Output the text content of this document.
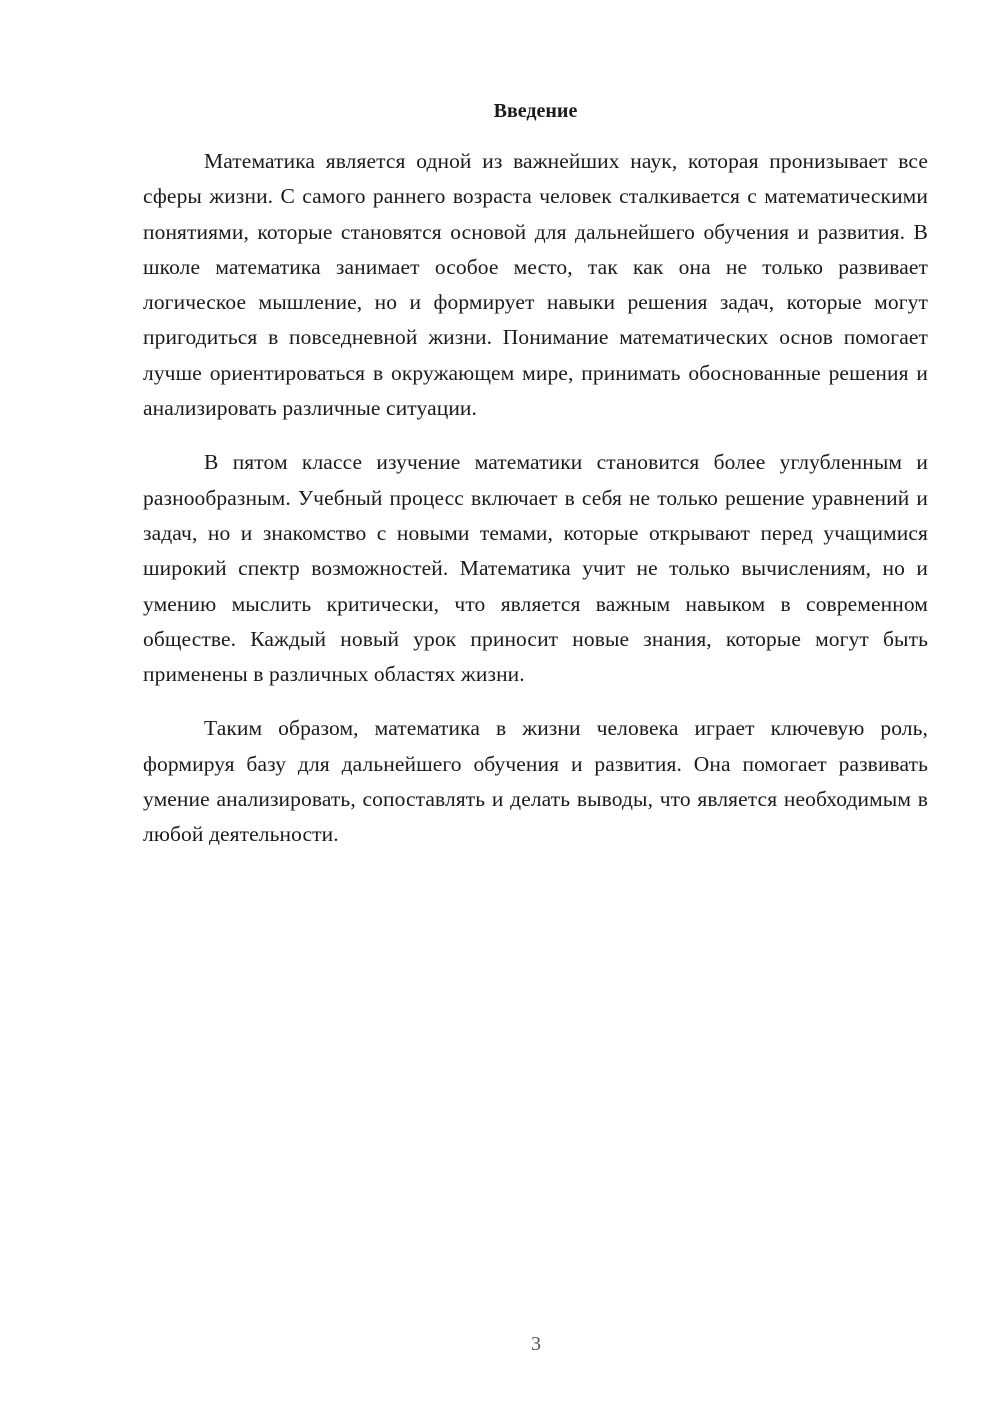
Введение

Математика является одной из важнейших наук, которая пронизывает все сферы жизни. С самого раннего возраста человек сталкивается с математическими понятиями, которые становятся основой для дальнейшего обучения и развития. В школе математика занимает особое место, так как она не только развивает логическое мышление, но и формирует навыки решения задач, которые могут пригодиться в повседневной жизни. Понимание математических основ помогает лучше ориентироваться в окружающем мире, принимать обоснованные решения и анализировать различные ситуации.

В пятом классе изучение математики становится более углубленным и разнообразным. Учебный процесс включает в себя не только решение уравнений и задач, но и знакомство с новыми темами, которые открывают перед учащимися широкий спектр возможностей. Математика учит не только вычислениям, но и умению мыслить критически, что является важным навыком в современном обществе. Каждый новый урок приносит новые знания, которые могут быть применены в различных областях жизни.

Таким образом, математика в жизни человека играет ключевую роль, формируя базу для дальнейшего обучения и развития. Она помогает развивать умение анализировать, сопоставлять и делать выводы, что является необходимым в любой деятельности.

3
